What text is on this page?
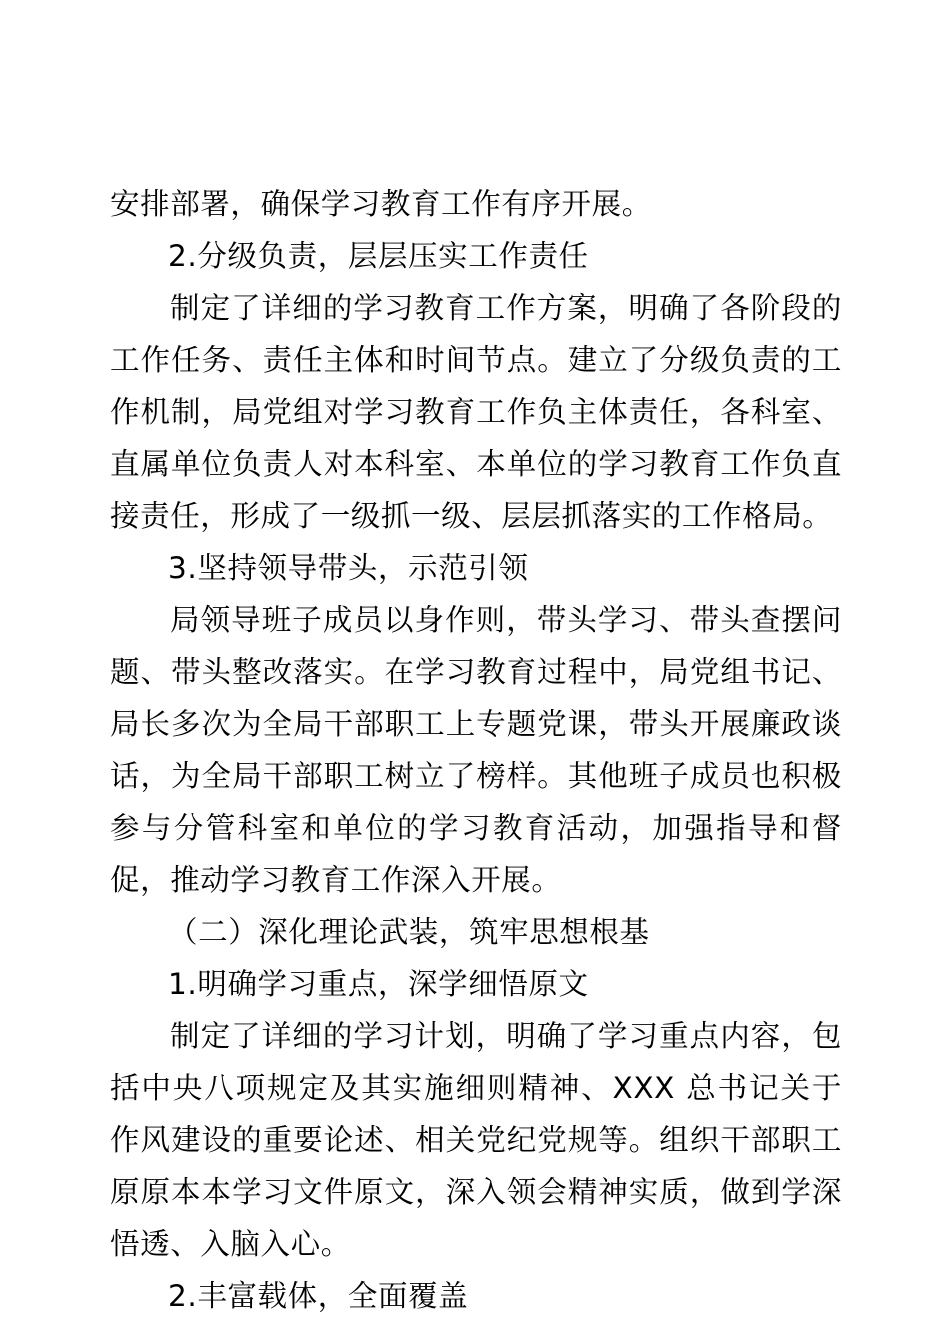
安排部署，确保学习教育工作有序开展。

2.分级负责，层层压实工作责任

制定了详细的学习教育工作方案，明确了各阶段的工作任务、责任主体和时间节点。建立了分级负责的工作机制，局党组对学习教育工作负主体责任，各科室、直属单位负责人对本科室、本单位的学习教育工作负直接责任，形成了一级抓一级、层层抓落实的工作格局。

3.坚持领导带头，示范引领

局领导班子成员以身作则，带头学习、带头查摆问题、带头整改落实。在学习教育过程中，局党组书记、局长多次为全局干部职工上专题党课，带头开展廉政谈话，为全局干部职工树立了榜样。其他班子成员也积极参与分管科室和单位的学习教育活动，加强指导和督促，推动学习教育工作深入开展。

（二）深化理论武装，筑牢思想根基

1.明确学习重点，深学细悟原文

制定了详细的学习计划，明确了学习重点内容，包括中央八项规定及其实施细则精神、XXX 总书记关于作风建设的重要论述、相关党纪党规等。组织干部职工原原本本学习文件原文，深入领会精神实质，做到学深悟透、入脑入心。

2.丰富载体，全面覆盖
